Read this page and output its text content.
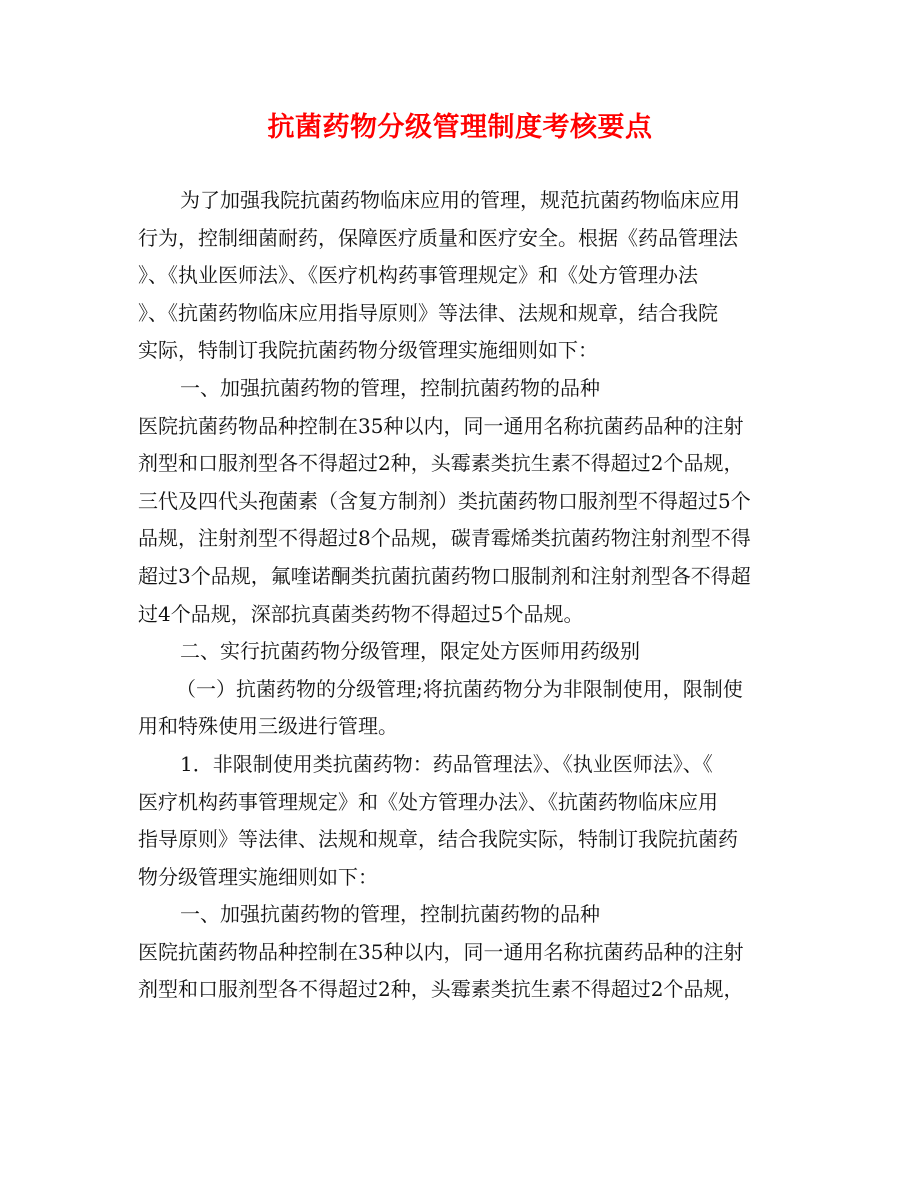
抗菌药物分级管理制度考核要点
为了加强我院抗菌药物临床应用的管理，规范抗菌药物临床应用
行为，控制细菌耐药，保障医疗质量和医疗安全。根据《药品管理法
》、《执业医师法》、《医疗机构药事管理规定》和《处方管理办法
》、《抗菌药物临床应用指导原则》等法律、法规和规章，结合我院
实际，特制订我院抗菌药物分级管理实施细则如下：
一、加强抗菌药物的管理，控制抗菌药物的品种
医院抗菌药物品种控制在35种以内，同一通用名称抗菌药品种的注射
剂型和口服剂型各不得超过2种，头霉素类抗生素不得超过2个品规，
三代及四代头孢菌素（含复方制剂）类抗菌药物口服剂型不得超过5个
品规，注射剂型不得超过8个品规，碳青霉烯类抗菌药物注射剂型不得
超过3个品规，氟喹诺酮类抗菌抗菌药物口服制剂和注射剂型各不得超
过4个品规，深部抗真菌类药物不得超过5个品规。
二、实行抗菌药物分级管理，限定处方医师用药级别
（一）抗菌药物的分级管理;将抗菌药物分为非限制使用，限制使
用和特殊使用三级进行管理。
1．非限制使用类抗菌药物：药品管理法》、《执业医师法》、《
医疗机构药事管理规定》和《处方管理办法》、《抗菌药物临床应用
指导原则》等法律、法规和规章，结合我院实际，特制订我院抗菌药
物分级管理实施细则如下：
一、加强抗菌药物的管理，控制抗菌药物的品种
医院抗菌药物品种控制在35种以内，同一通用名称抗菌药品种的注射
剂型和口服剂型各不得超过2种，头霉素类抗生素不得超过2个品规，
